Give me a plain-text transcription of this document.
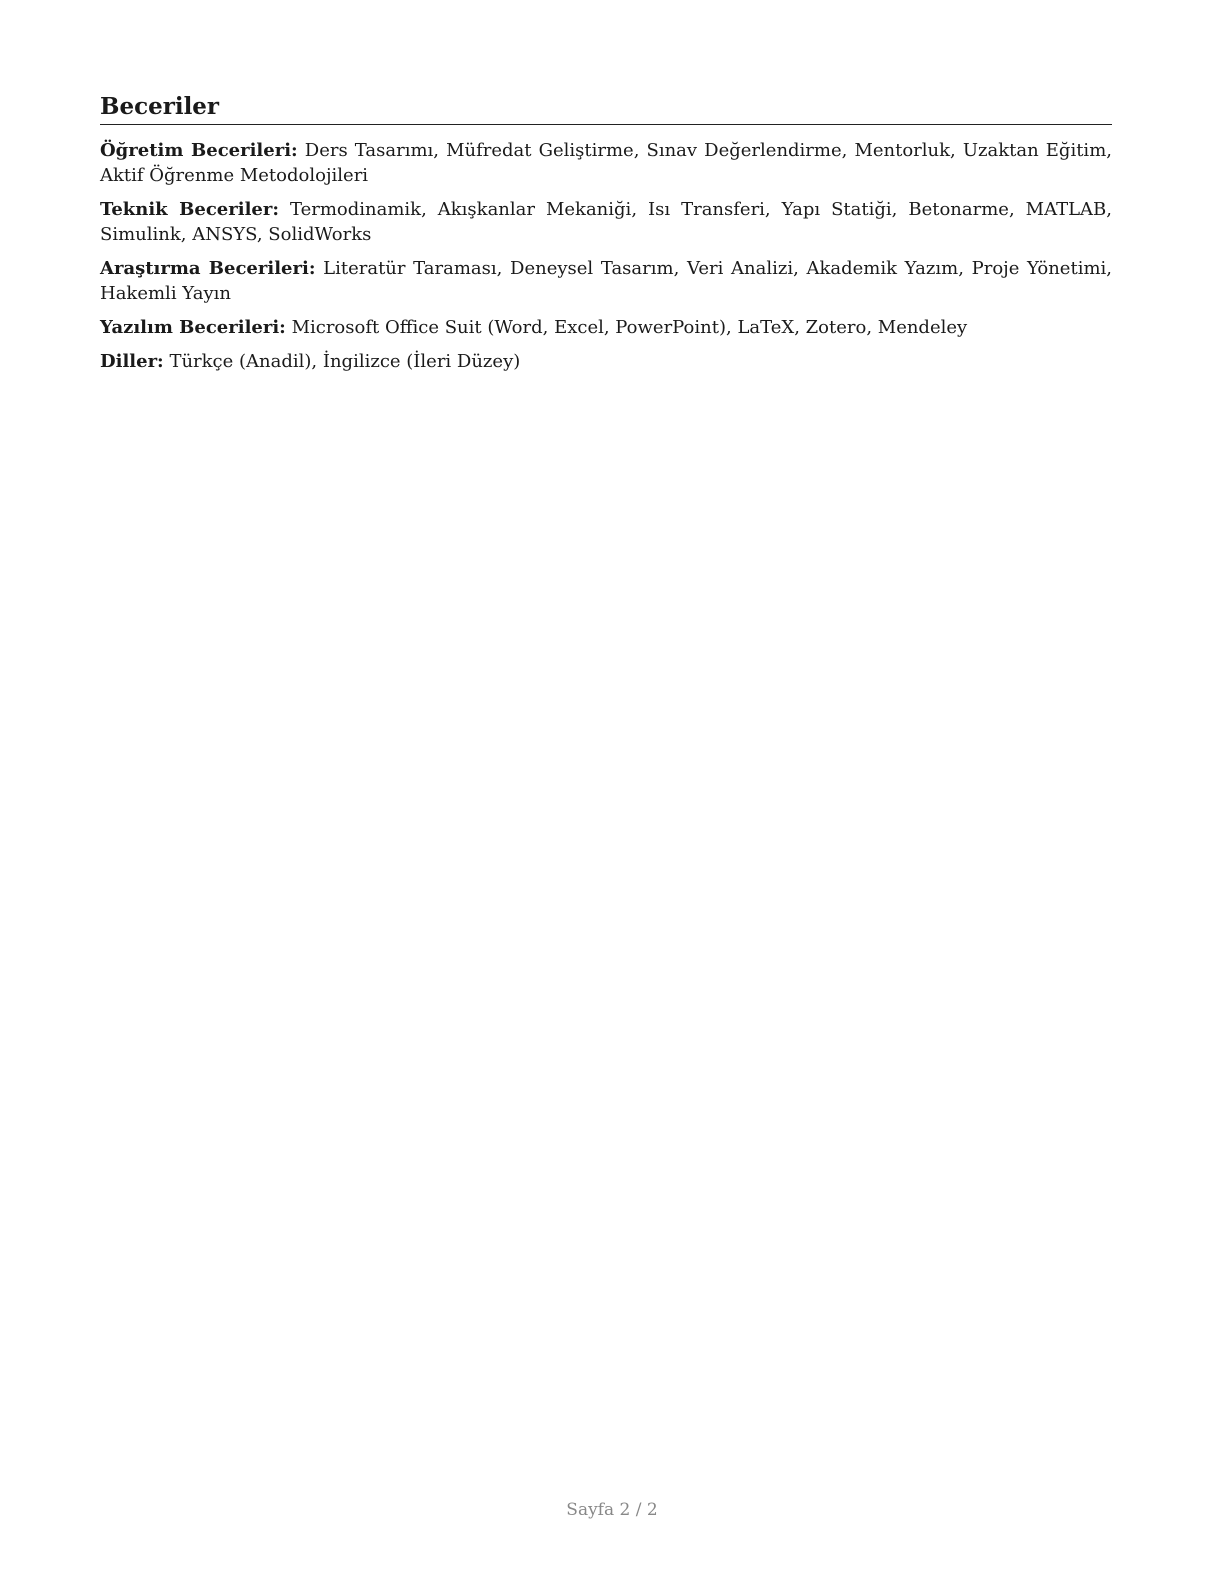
Beceriler

Öğretim Becerileri: Ders Tasarımı, Müfredat Geliştirme, Sınav Değerlendirme, Mentorluk, Uzaktan Eğitim, Aktif Öğrenme Metodolojileri

Teknik Beceriler: Termodinamik, Akışkanlar Mekaniği, Isı Transferi, Yapı Statiği, Betonarme, MATLAB, Simulink, ANSYS, SolidWorks

Araştırma Becerileri: Literatür Taraması, Deneysel Tasarım, Veri Analizi, Akademik Yazım, Proje Yönetimi, Hakemli Yayın

Yazılım Becerileri: Microsoft Office Suit (Word, Excel, PowerPoint), LaTeX, Zotero, Mendeley

Diller: Türkçe (Anadil), İngilizce (İleri Düzey)

Sayfa 2 / 2
